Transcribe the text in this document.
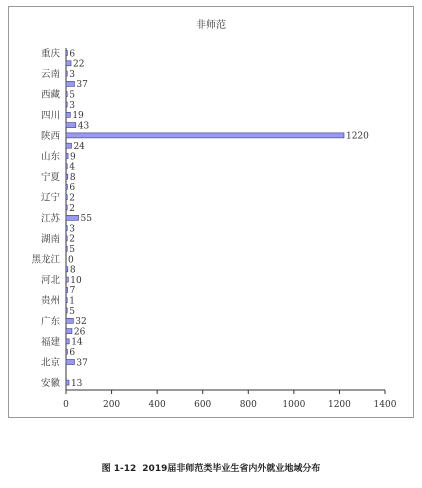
非师范
0	200	400	600	800	1000	1200	1400
重庆 6
22
云南 3
37
西藏 5
3
四川 19
43
陕西	1220
24
山东 9
4
宁夏 8
6
辽宁 2
2
江苏 55
3
湖南 2
5
黑龙江 0
8
河北 10
7
贵州 1
5
广东 32
26
福建 14
6
北京 37
安徽 13
图 1-12 2019届非师范类毕业生省内外就业地域分布
